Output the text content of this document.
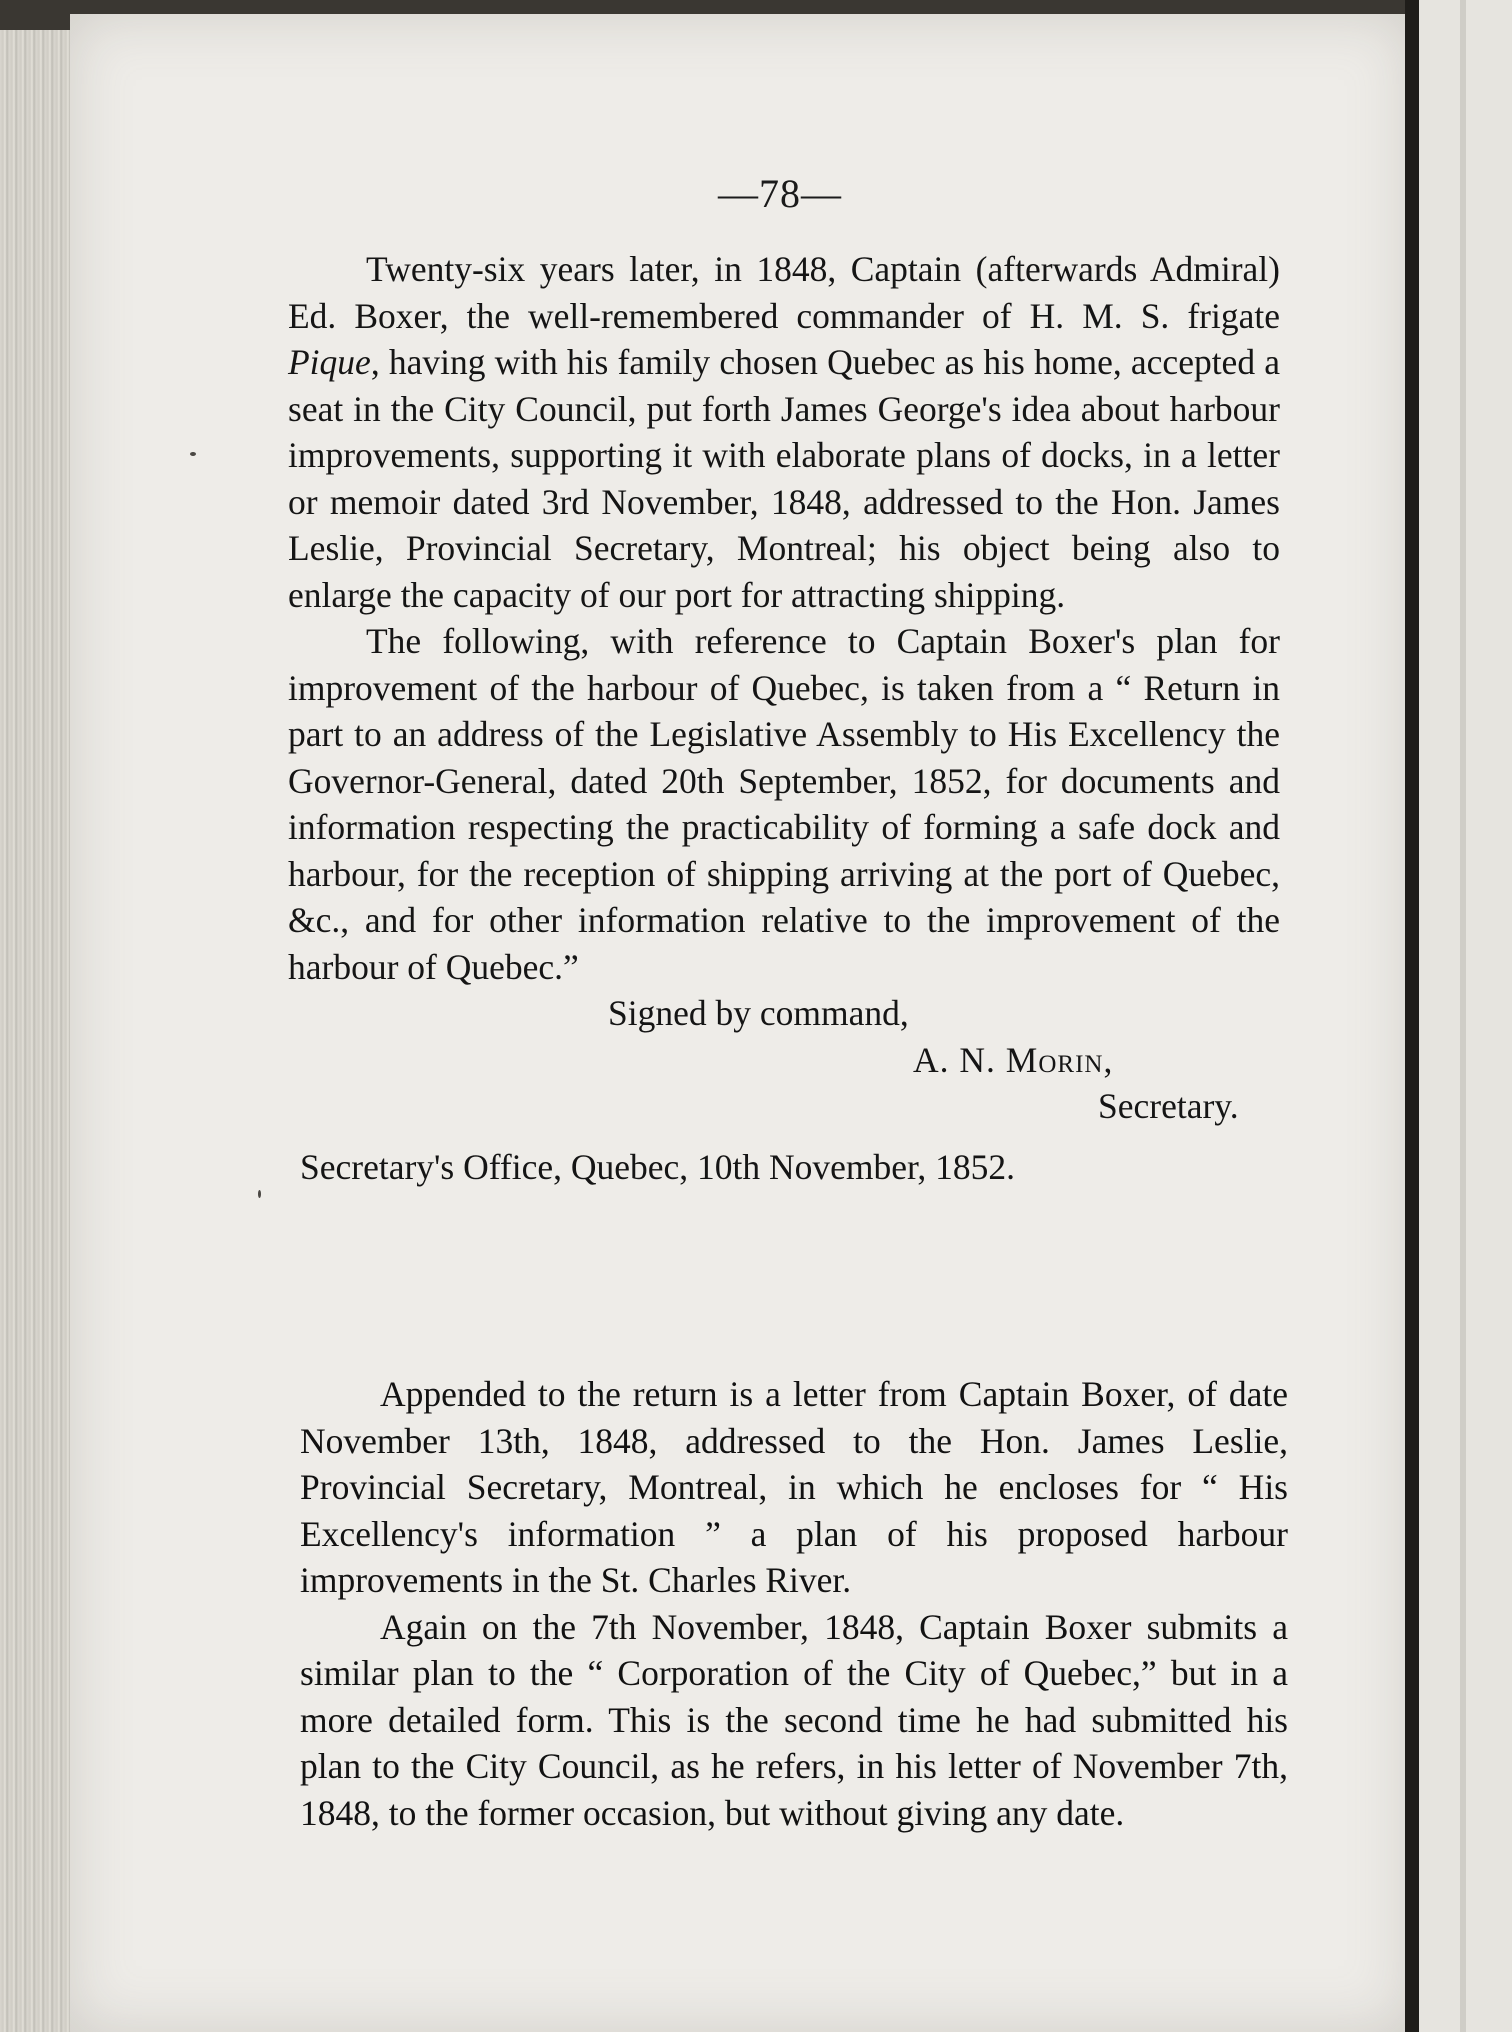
—78—

Twenty-six years later, in 1848, Captain (afterwards Admiral) Ed. Boxer, the well-remembered commander of H. M. S. frigate Pique, having with his family chosen Quebec as his home, accepted a seat in the City Council, put forth James George's idea about harbour improvements, supporting it with elaborate plans of docks, in a letter or memoir dated 3rd November, 1848, addressed to the Hon. James Leslie, Provincial Secretary, Montreal; his object being also to enlarge the capacity of our port for attracting shipping.

The following, with reference to Captain Boxer's plan for improvement of the harbour of Quebec, is taken from a “ Return in part to an address of the Legislative Assembly to His Excellency the Governor-General, dated 20th September, 1852, for documents and information respecting the practicability of forming a safe dock and harbour, for the reception of shipping arriving at the port of Quebec, &c., and for other information relative to the improvement of the harbour of Quebec.”

Signed by command,

A. N. Morin,

Secretary.

Secretary's Office, Quebec, 10th November, 1852.

Appended to the return is a letter from Captain Boxer, of date November 13th, 1848, addressed to the Hon. James Leslie, Provincial Secretary, Montreal, in which he encloses for “ His Excellency's information ” a plan of his proposed harbour improvements in the St. Charles River.

Again on the 7th November, 1848, Captain Boxer submits a similar plan to the “ Corporation of the City of Quebec,” but in a more detailed form. This is the second time he had submitted his plan to the City Council, as he refers, in his letter of November 7th, 1848, to the former occasion, but without giving any date.
